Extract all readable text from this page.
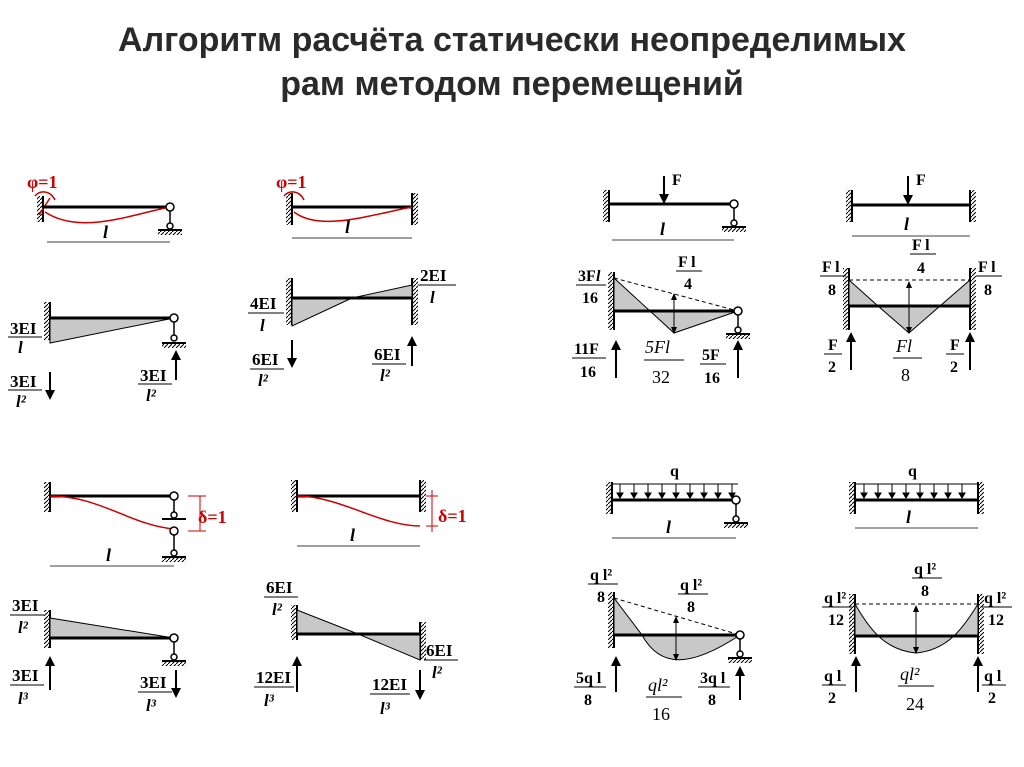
Алгоритм расчёта статически неопределимых
рам методом перемещений
φ=1
l
3EI
l
3EI
l²
3EI
l²
φ=1
l
4EI
l
2EI
l
6EI
l²
6EI
l²
F
l
3F l
16
F l
4
5Fl
32
11F
16
5F
16
F
l
F l
8
F l
4	F l
8
Fl
8
F
2
F
2
δ=1
l
3EI
l²
3EI
l³
3EI
l³
δ=1
l
6EI
l²
6EI
l²
12EI
l³
12EI
l³
q
l
q l²
8
q l²
8
ql²
16
5q l
8
3q l
8
q
l
q l²
12
q l²
8	q l²
12
ql²
24
q l
2
q l
2
